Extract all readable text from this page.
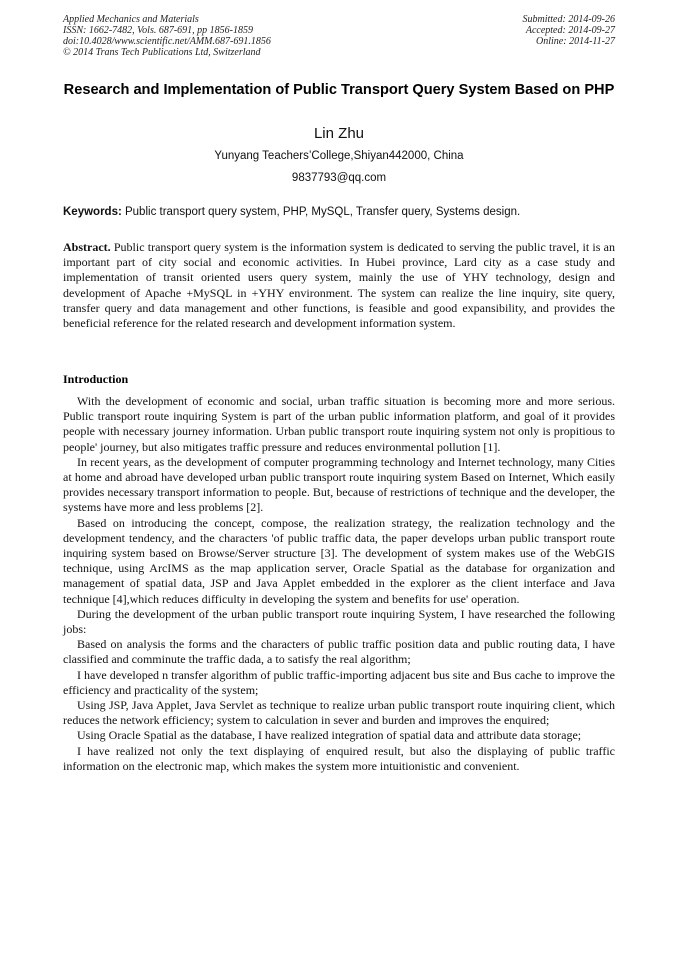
Applied Mechanics and Materials
ISSN: 1662-7482, Vols. 687-691, pp 1856-1859
doi:10.4028/www.scientific.net/AMM.687-691.1856
© 2014 Trans Tech Publications Ltd, Switzerland
Submitted: 2014-09-26
Accepted: 2014-09-27
Online: 2014-11-27
Research and Implementation of Public Transport Query System Based on PHP
Lin Zhu
Yunyang Teachers’College,Shiyan442000, China
9837793@qq.com
Keywords: Public transport query system, PHP, MySQL, Transfer query, Systems design.
Abstract. Public transport query system is the information system is dedicated to serving the public travel, it is an important part of city social and economic activities. In Hubei province, Lard city as a case study and implementation of transit oriented users query system, mainly the use of YHY technology, design and development of Apache +MySQL in +YHY environment. The system can realize the line inquiry, site query, transfer query and data management and other functions, is feasible and good expansibility, and provides the beneficial reference for the related research and development information system.
Introduction

With the development of economic and social, urban traffic situation is becoming more and more serious. Public transport route inquiring System is part of the urban public information platform, and goal of it provides people with necessary journey information. Urban public transport route inquiring system not only is propitious to people' journey, but also mitigates traffic pressure and reduces environmental pollution [1].

In recent years, as the development of computer programming technology and Internet technology, many Cities at home and abroad have developed urban public transport route inquiring system Based on Internet, Which easily provides necessary transport information to people. But, because of restrictions of technique and the developer, the systems have more and less problems [2].

Based on introducing the concept, compose, the realization strategy, the realization technology and the development tendency, and the characters 'of public traffic data, the paper develops urban public transport route inquiring system based on Browse/Server structure [3]. The development of system makes use of the WebGIS technique, using ArcIMS as the map application server, Oracle Spatial as the database for organization and management of spatial data, JSP and Java Applet embedded in the explorer as the client interface and Java technique [4],which reduces difficulty in developing the system and benefits for use' operation.

During the development of the urban public transport route inquiring System, I have researched the following jobs:

Based on analysis the forms and the characters of public traffic position data and public routing data, I have classified and comminute the traffic dada, a to satisfy the real algorithm;

I have developed n transfer algorithm of public traffic-importing adjacent bus site and Bus cache to improve the efficiency and practicality of the system;

Using JSP, Java Applet, Java Servlet as technique to realize urban public transport route inquiring client, which reduces the network efficiency; system to calculation in sever and burden and improves the enquired;

Using Oracle Spatial as the database, I have realized integration of spatial data and attribute data storage;

I have realized not only the text displaying of enquired result, but also the displaying of public traffic information on the electronic map, which makes the system more intuitionistic and convenient.
